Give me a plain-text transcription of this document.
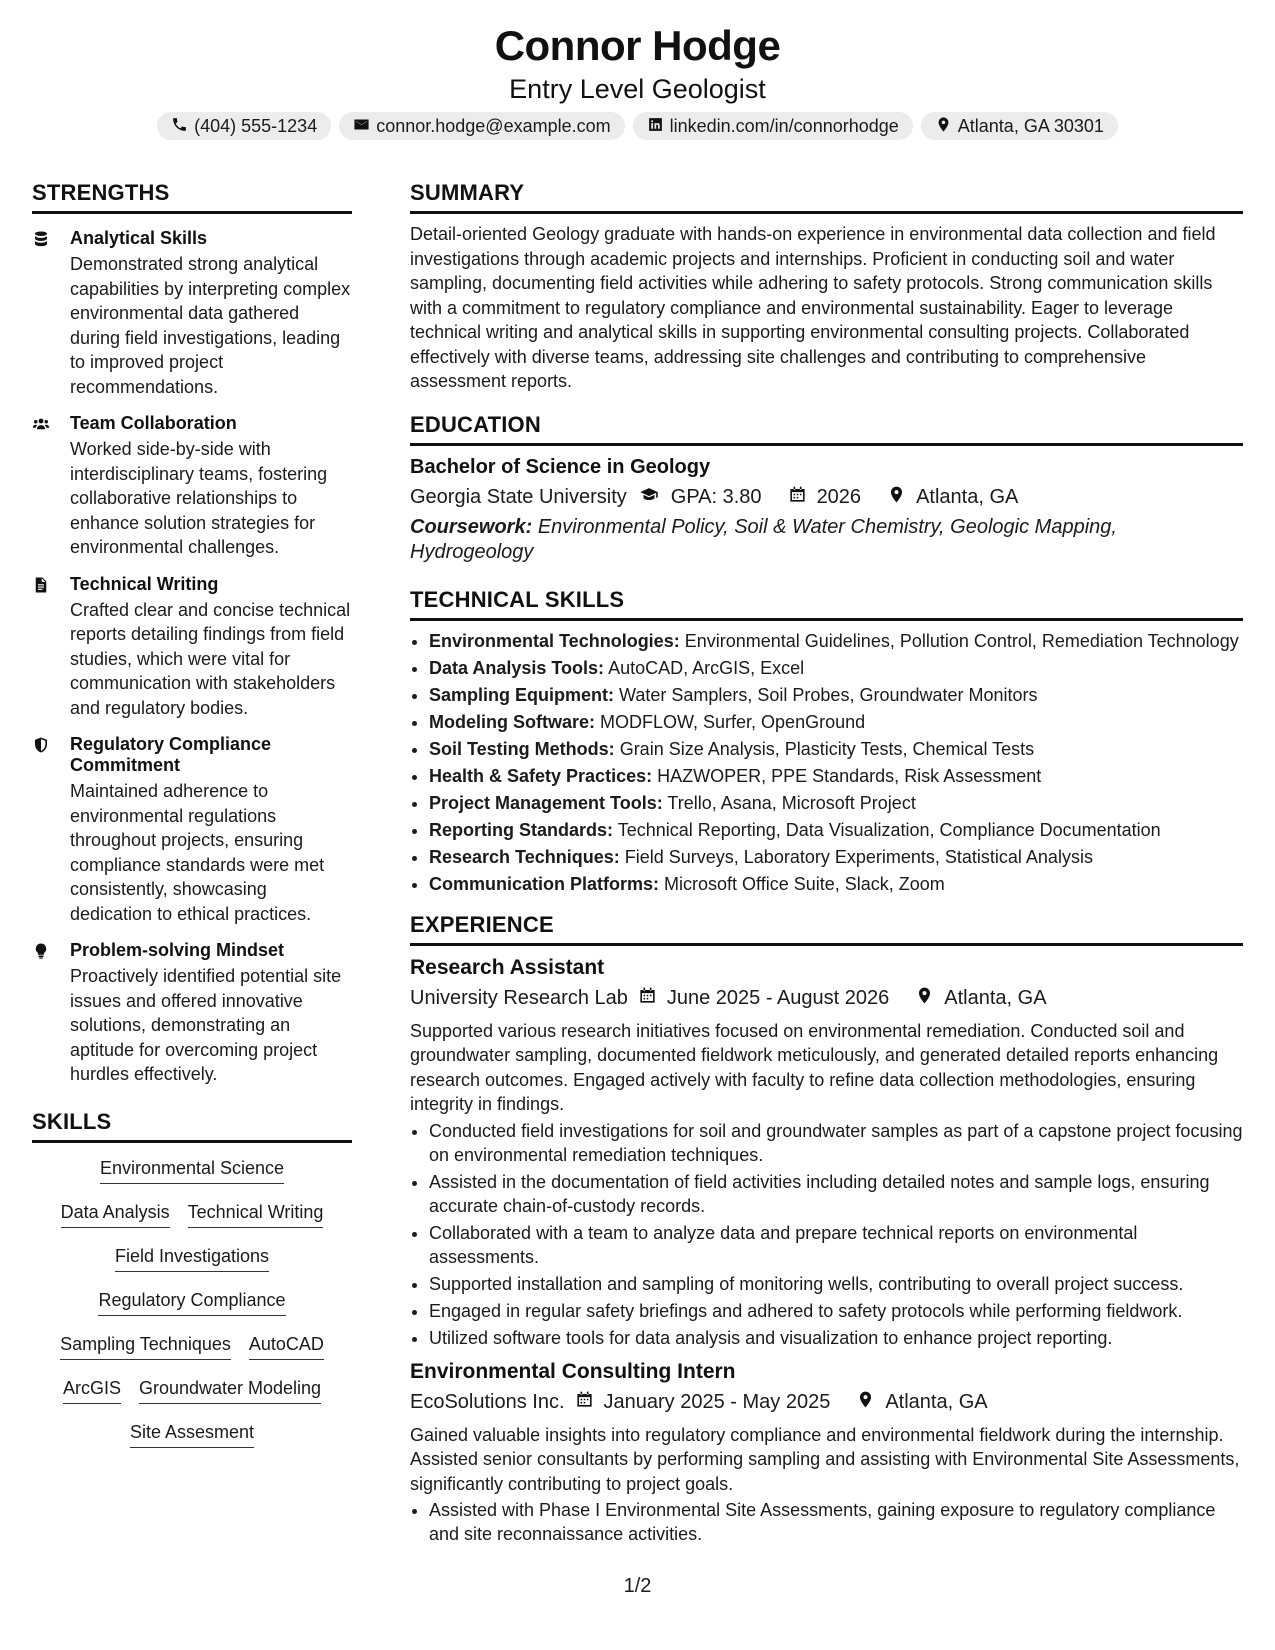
Connor Hodge
Entry Level Geologist
(404) 555-1234	connor.hodge@example.com	linkedin.com/in/connorhodge	Atlanta, GA 30301
STRENGTHS
Analytical Skills
Demonstrated strong analytical capabilities by interpreting complex environmental data gathered during field investigations, leading to improved project recommendations.
Team Collaboration
Worked side-by-side with interdisciplinary teams, fostering collaborative relationships to enhance solution strategies for environmental challenges.
Technical Writing
Crafted clear and concise technical reports detailing findings from field studies, which were vital for communication with stakeholders and regulatory bodies.
Regulatory Compliance Commitment
Maintained adherence to environmental regulations throughout projects, ensuring compliance standards were met consistently, showcasing dedication to ethical practices.
Problem-solving Mindset
Proactively identified potential site issues and offered innovative solutions, demonstrating an aptitude for overcoming project hurdles effectively.
SKILLS
Environmental Science
Data Analysis Technical Writing
Field Investigations
Regulatory Compliance
Sampling Techniques AutoCAD
ArcGIS Groundwater Modeling
Site Assesment
SUMMARY
Detail-oriented Geology graduate with hands-on experience in environmental data collection and field investigations through academic projects and internships. Proficient in conducting soil and water sampling, documenting field activities while adhering to safety protocols. Strong communication skills with a commitment to regulatory compliance and environmental sustainability. Eager to leverage technical writing and analytical skills in supporting environmental consulting projects. Collaborated effectively with diverse teams, addressing site challenges and contributing to comprehensive assessment reports.
EDUCATION
Bachelor of Science in Geology
Georgia State University GPA: 3.80	2026	Atlanta, GA
Coursework: Environmental Policy, Soil & Water Chemistry, Geologic Mapping, Hydrogeology
TECHNICAL SKILLS
• Environmental Technologies: Environmental Guidelines, Pollution Control, Remediation Technology
• Data Analysis Tools: AutoCAD, ArcGIS, Excel
• Sampling Equipment: Water Samplers, Soil Probes, Groundwater Monitors
• Modeling Software: MODFLOW, Surfer, OpenGround
• Soil Testing Methods: Grain Size Analysis, Plasticity Tests, Chemical Tests
• Health & Safety Practices: HAZWOPER, PPE Standards, Risk Assessment
• Project Management Tools: Trello, Asana, Microsoft Project
• Reporting Standards: Technical Reporting, Data Visualization, Compliance Documentation
• Research Techniques: Field Surveys, Laboratory Experiments, Statistical Analysis
• Communication Platforms: Microsoft Office Suite, Slack, Zoom
EXPERIENCE
Research Assistant
University Research Lab June 2025 - August 2026	Atlanta, GA
Supported various research initiatives focused on environmental remediation. Conducted soil and groundwater sampling, documented fieldwork meticulously, and generated detailed reports enhancing research outcomes. Engaged actively with faculty to refine data collection methodologies, ensuring integrity in findings.
• Conducted field investigations for soil and groundwater samples as part of a capstone project focusing on environmental remediation techniques.
• Assisted in the documentation of field activities including detailed notes and sample logs, ensuring accurate chain-of-custody records.
• Collaborated with a team to analyze data and prepare technical reports on environmental assessments.
• Supported installation and sampling of monitoring wells, contributing to overall project success.
• Engaged in regular safety briefings and adhered to safety protocols while performing fieldwork.
• Utilized software tools for data analysis and visualization to enhance project reporting.
Environmental Consulting Intern
EcoSolutions Inc. January 2025 - May 2025	Atlanta, GA
Gained valuable insights into regulatory compliance and environmental fieldwork during the internship. Assisted senior consultants by performing sampling and assisting with Environmental Site Assessments, significantly contributing to project goals.
• Assisted with Phase I Environmental Site Assessments, gaining exposure to regulatory compliance and site reconnaissance activities.
1/2
